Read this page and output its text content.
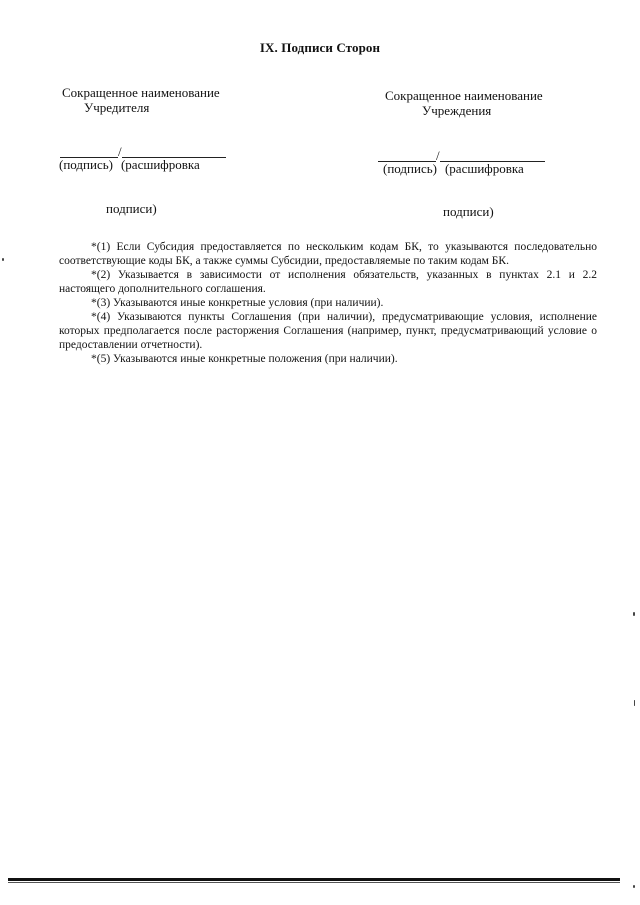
IX. Подписи Сторон
Сокращенное наименование
Учредителя
/
(подпись) (расшифровка
подписи)
Сокращенное наименование
Учреждения
/
(подпись) (расшифровка
подписи)

*(1) Если Субсидия предоставляется по нескольким кодам БК, то указываются последовательно соответствующие коды БК, а также суммы Субсидии, предоставляемые по таким кодам БК.

*(2) Указывается в зависимости от исполнения обязательств, указанных в пунктах 2.1 и 2.2 настоящего дополнительного соглашения.

*(3) Указываются иные конкретные условия (при наличии).

*(4) Указываются пункты Соглашения (при наличии), предусматривающие условия, исполнение которых предполагается после расторжения Соглашения (например, пункт, предусматривающий условие о предоставлении отчетности).

*(5) Указываются иные конкретные положения (при наличии).
